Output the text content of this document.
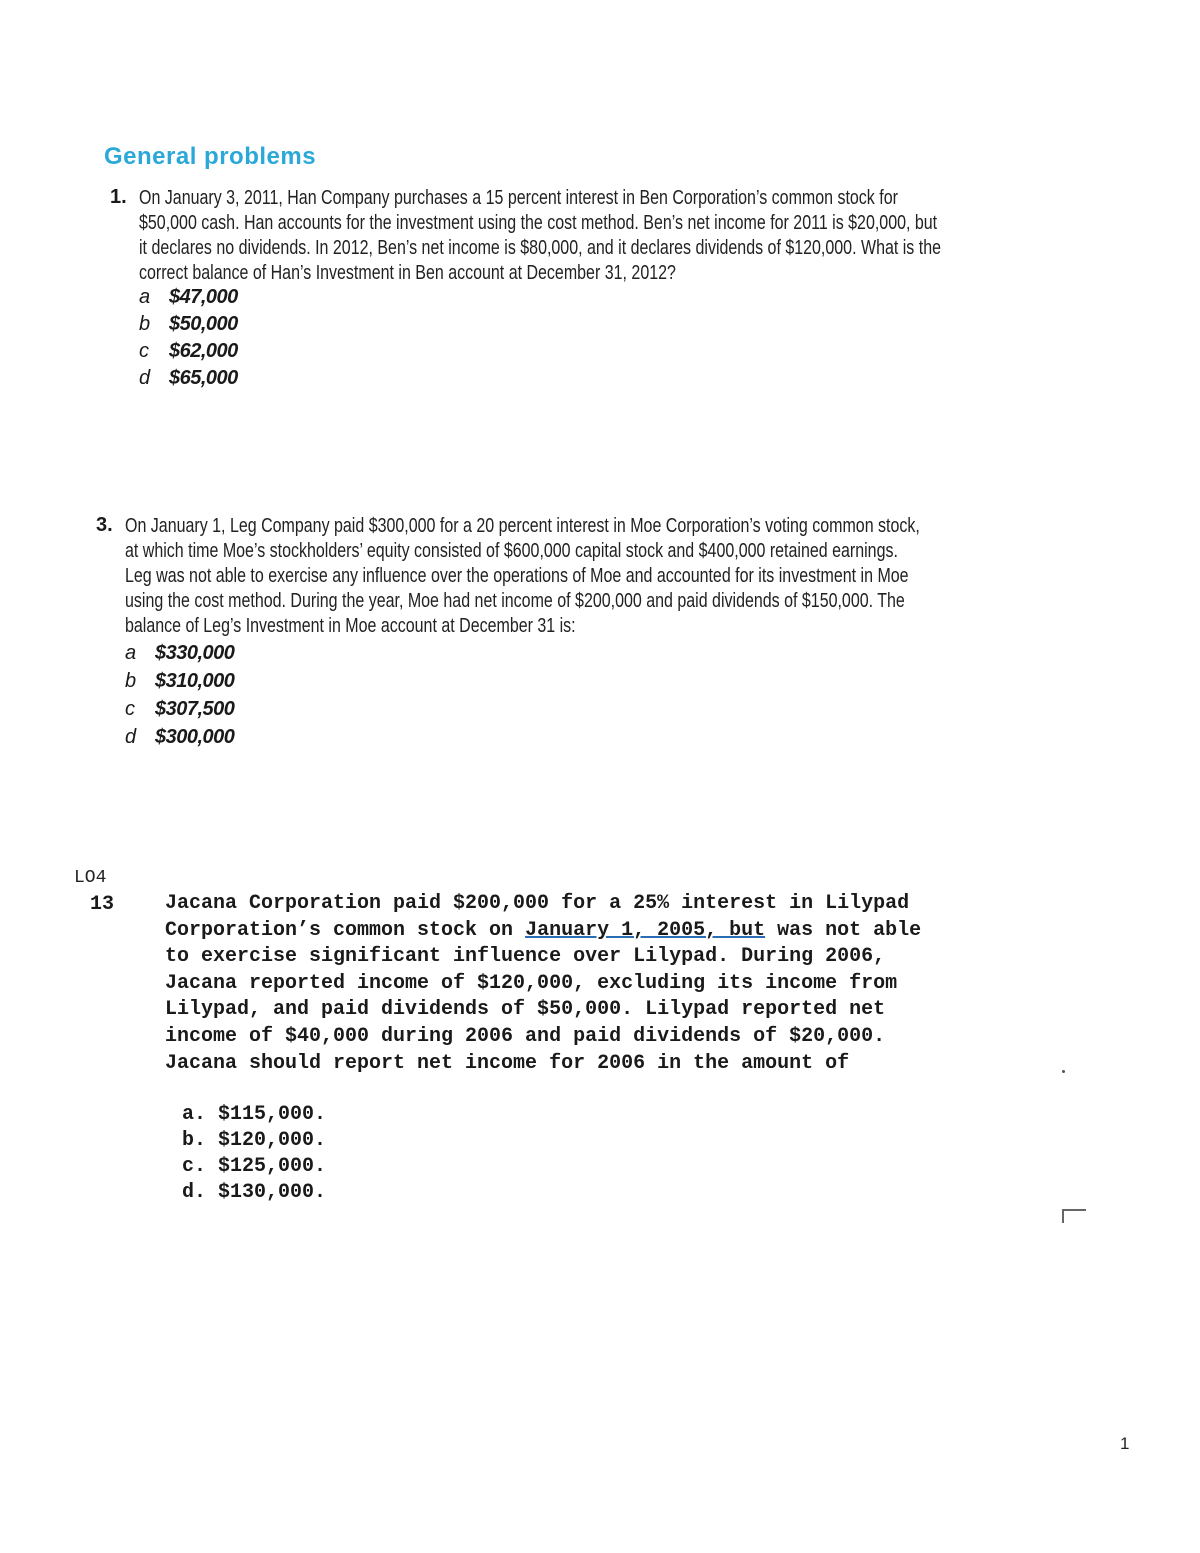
General problems
1. On January 3, 2011, Han Company purchases a 15 percent interest in Ben Corporation’s common stock for
$50,000 cash. Han accounts for the investment using the cost method. Ben’s net income for 2011 is $20,000, but
it declares no dividends. In 2012, Ben’s net income is $80,000, and it declares dividends of $120,000. What is the
correct balance of Han’s Investment in Ben account at December 31, 2012?
a $47,000
b $50,000
c $62,000
d $65,000
3. On January 1, Leg Company paid $300,000 for a 20 percent interest in Moe Corporation’s voting common stock,
at which time Moe’s stockholders’ equity consisted of $600,000 capital stock and $400,000 retained earnings.
Leg was not able to exercise any influence over the operations of Moe and accounted for its investment in Moe
using the cost method. During the year, Moe had net income of $200,000 and paid dividends of $150,000. The
balance of Leg’s Investment in Moe account at December 31 is:
a $330,000
b $310,000
c $307,500
d $300,000
LO4
13	Jacana Corporation paid $200,000 for a 25% interest in Lilypad
Corporation’s common stock on January 1, 2005, but was not able
to exercise significant influence over Lilypad. During 2006,
Jacana reported income of $120,000, excluding its income from
Lilypad, and paid dividends of $50,000. Lilypad reported net
income of $40,000 during 2006 and paid dividends of $20,000.
Jacana should report net income for 2006 in the amount of
a. $115,000.
b. $120,000.
c. $125,000.
d. $130,000.
1
